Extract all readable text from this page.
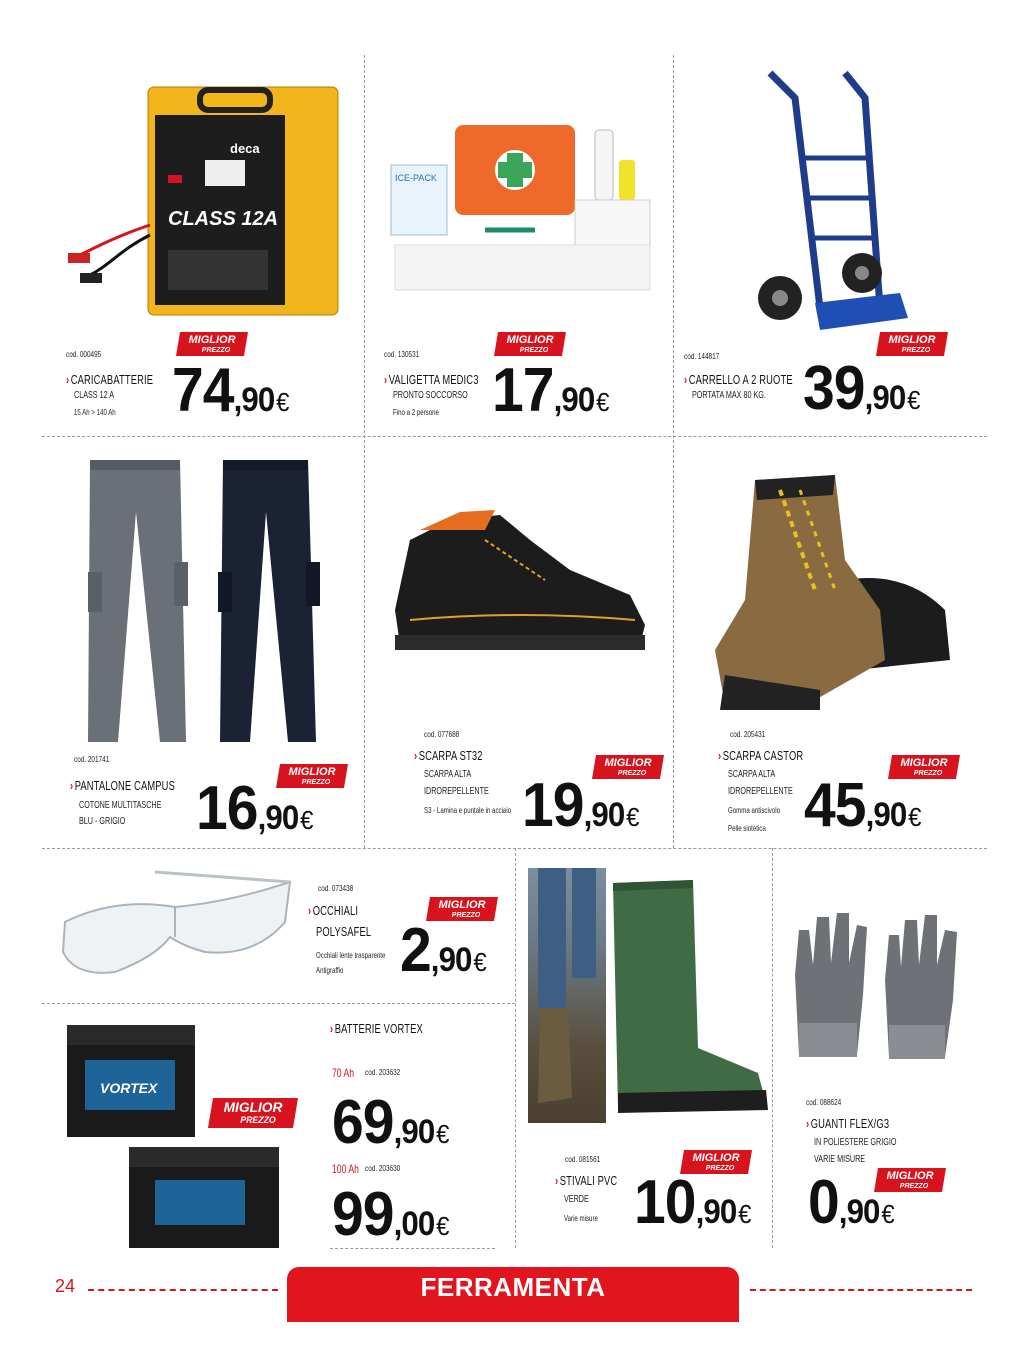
deca
CLASS 12A
MIGLIOR
PREZZO
cod. 000495
›CARICABATTERIE
CLASS 12 A
15 Ah > 140 Ah 74,90€
ICE-PACK
MIGLIOR
PREZZO
cod. 130531
›VALIGETTA MEDIC3
PRONTO SOCCORSO
Fino a 2 persone 17,90€
MIGLIOR
PREZZO
cod. 144817
›CARRELLO A 2 RUOTE
PORTATA MAX 80 KG. 39,90€
MIGLIOR
PREZZO
cod. 201741
›PANTALONE CAMPUS
COTONE MULTITASCHE
BLU - GRIGIO 16,90€
MIGLIOR
PREZZO
cod. 077688
›SCARPA ST32
SCARPA ALTA
IDROREPELLENTE
S3 - Lamina e puntale in acciaio 19,90€
MIGLIOR
PREZZO
cod. 205431
›SCARPA CASTOR
SCARPA ALTA
IDROREPELLENTE
Gomma antiscivolo
Pelle sintetica 45,90€
MIGLIOR
PREZZO
cod. 073438
›OCCHIALI
POLYSAFEL
Occhiali lente trasparente
Antigraffio 2,90€
VORTEX
MIGLIOR
PREZZO
›BATTERIE VORTEX
70 Ah cod. 203632
69,90€
100 Ah cod. 203630
99,00€
MIGLIOR
PREZZO
cod. 081561
›STIVALI PVC
VERDE
Varie misure 10,90€
MIGLIOR
PREZZO
cod. 088624
›GUANTI FLEX/G3
IN POLIESTERE GRIGIO
VARIE MISURE
0,90€
24	FERRAMENTA
